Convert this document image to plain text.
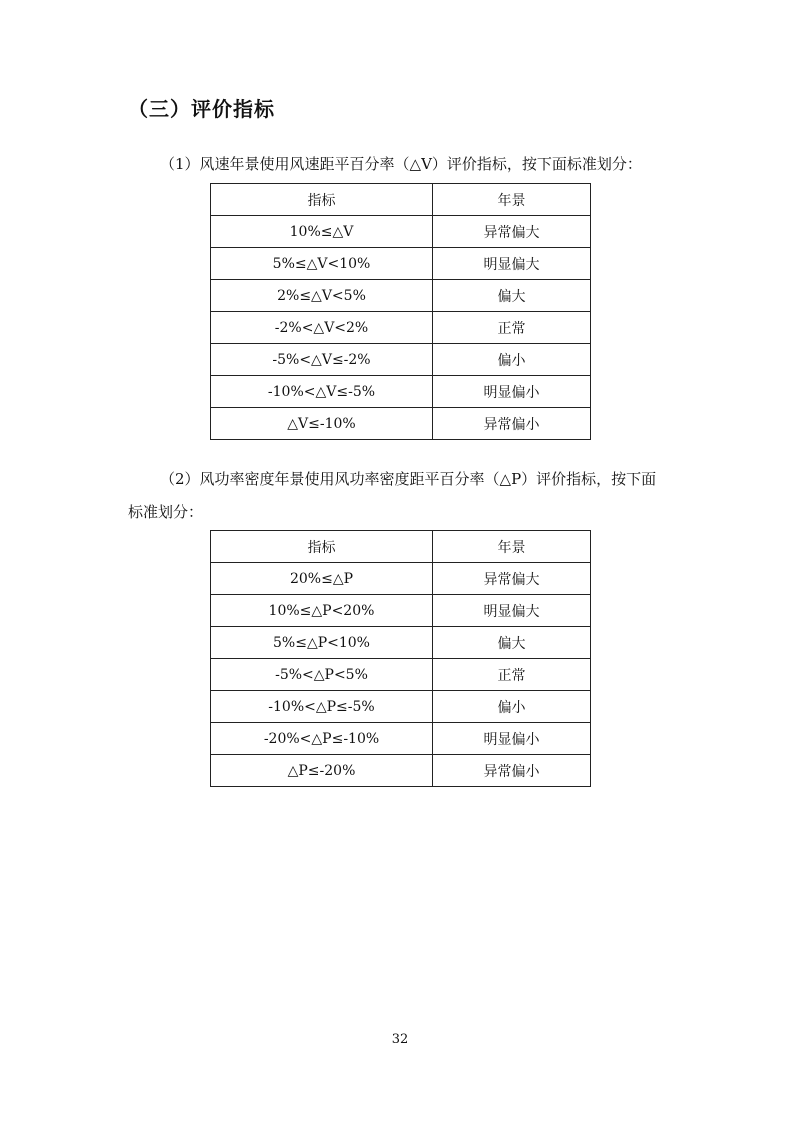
（三）评价指标
（1）风速年景使用风速距平百分率（△V）评价指标，按下面标准划分：
指标	年景
10%≤△V	异常偏大
5%≤△V<10%	明显偏大
2%≤△V<5%	偏大
-2%<△V<2%	正常
-5%<△V≤-2%	偏小
-10%<△V≤-5%	明显偏小
△V≤-10%	异常偏小
（2）风功率密度年景使用风功率密度距平百分率（△P）评价指标，按下面
标准划分：
指标	年景
20%≤△P	异常偏大
10%≤△P<20%	明显偏大
5%≤△P<10%	偏大
-5%<△P<5%	正常
-10%<△P≤-5%	偏小
-20%<△P≤-10%	明显偏小
△P≤-20%	异常偏小
32
